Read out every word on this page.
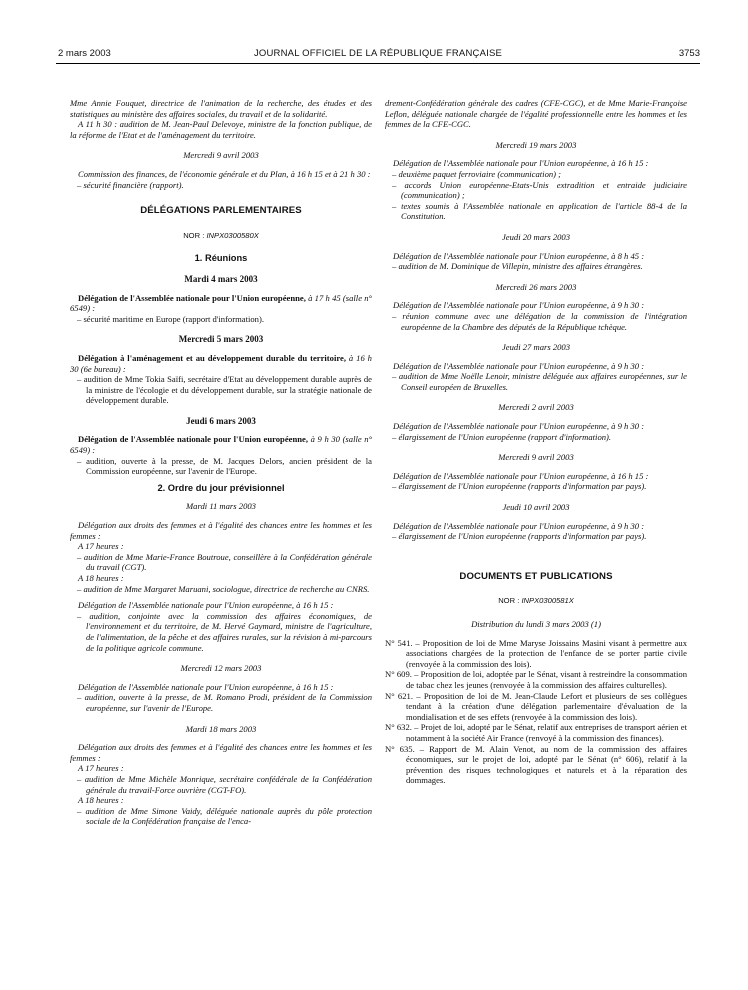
2 mars 2003	JOURNAL OFFICIEL DE LA RÉPUBLIQUE FRANÇAISE	3753

Mme Annie Fouquet, directrice de l'animation de la recherche, des études et des statistiques au ministère des affaires sociales, du travail et de la solidarité.

A 11 h 30 : audition de M. Jean-Paul Delevoye, ministre de la fonction publique, de la réforme de l'Etat et de l'aménagement du territoire.

Mercredi 9 avril 2003

Commission des finances, de l'économie générale et du Plan, à 16 h 15 et à 21 h 30 :

– sécurité financière (rapport).

DÉLÉGATIONS PARLEMENTAIRES

NOR : INPX0300580X

1. Réunions

Mardi 4 mars 2003

Délégation de l'Assemblée nationale pour l'Union européenne, à 17 h 45 (salle n° 6549) :

– sécurité maritime en Europe (rapport d'information).

Mercredi 5 mars 2003

Délégation à l'aménagement et au développement durable du territoire, à 16 h 30 (6e bureau) :

– audition de Mme Tokia Saïfi, secrétaire d'Etat au développement durable auprès de la ministre de l'écologie et du développement durable, sur la stratégie nationale de développement durable.

Jeudi 6 mars 2003

Délégation de l'Assemblée nationale pour l'Union européenne, à 9 h 30 (salle n° 6549) :

– audition, ouverte à la presse, de M. Jacques Delors, ancien président de la Commission européenne, sur l'avenir de l'Europe.

2. Ordre du jour prévisionnel

Mardi 11 mars 2003

Délégation aux droits des femmes et à l'égalité des chances entre les hommes et les femmes :

A 17 heures :

– audition de Mme Marie-France Boutroue, conseillère à la Confédération générale du travail (CGT).

A 18 heures :

– audition de Mme Margaret Maruani, sociologue, directrice de recherche au CNRS.

Délégation de l'Assemblée nationale pour l'Union européenne, à 16 h 15 :

– audition, conjointe avec la commission des affaires économiques, de l'environnement et du territoire, de M. Hervé Gaymard, ministre de l'agriculture, de l'alimentation, de la pêche et des affaires rurales, sur la révision à mi-parcours de la politique agricole commune.

Mercredi 12 mars 2003

Délégation de l'Assemblée nationale pour l'Union européenne, à 16 h 15 :

– audition, ouverte à la presse, de M. Romano Prodi, président de la Commission européenne, sur l'avenir de l'Europe.

Mardi 18 mars 2003

Délégation aux droits des femmes et à l'égalité des chances entre les hommes et les femmes :

A 17 heures :

– audition de Mme Michèle Monrique, secrétaire confédérale de la Confédération générale du travail-Force ouvrière (CGT-FO).

A 18 heures :

– audition de Mme Simone Vaidy, déléguée nationale auprès du pôle protection sociale de la Confédération française de l'enca-

drement-Confédération générale des cadres (CFE-CGC), et de Mme Marie-Françoise Leflon, déléguée nationale chargée de l'égalité professionnelle entre les hommes et les femmes de la CFE-CGC.

Mercredi 19 mars 2003

Délégation de l'Assemblée nationale pour l'Union européenne, à 16 h 15 :

– deuxième paquet ferroviaire (communication) ;

– accords Union européenne-Etats-Unis extradition et entraide judiciaire (communication) ;

– textes soumis à l'Assemblée nationale en application de l'article 88-4 de la Constitution.

Jeudi 20 mars 2003

Délégation de l'Assemblée nationale pour l'Union européenne, à 8 h 45 :

– audition de M. Dominique de Villepin, ministre des affaires étrangères.

Mercredi 26 mars 2003

Délégation de l'Assemblée nationale pour l'Union européenne, à 9 h 30 :

– réunion commune avec une délégation de la commission de l'intégration européenne de la Chambre des députés de la République tchèque.

Jeudi 27 mars 2003

Délégation de l'Assemblée nationale pour l'Union européenne, à 9 h 30 :

– audition de Mme Noëlle Lenoir, ministre déléguée aux affaires européennes, sur le Conseil européen de Bruxelles.

Mercredi 2 avril 2003

Délégation de l'Assemblée nationale pour l'Union européenne, à 9 h 30 :

– élargissement de l'Union européenne (rapport d'information).

Mercredi 9 avril 2003

Délégation de l'Assemblée nationale pour l'Union européenne, à 16 h 15 :

– élargissement de l'Union européenne (rapports d'information par pays).

Jeudi 10 avril 2003

Délégation de l'Assemblée nationale pour l'Union européenne, à 9 h 30 :

– élargissement de l'Union européenne (rapports d'information par pays).

DOCUMENTS ET PUBLICATIONS

NOR : INPX0300581X

Distribution du lundi 3 mars 2003 (1)

N° 541. – Proposition de loi de Mme Maryse Joissains Masini visant à permettre aux associations chargées de la protection de l'enfance de se porter partie civile (renvoyée à la commission des lois).

N° 609. – Proposition de loi, adoptée par le Sénat, visant à restreindre la consommation de tabac chez les jeunes (renvoyée à la commission des affaires culturelles).

N° 621. – Proposition de loi de M. Jean-Claude Lefort et plusieurs de ses collègues tendant à la création d'une délégation parlementaire d'évaluation de la mondialisation et de ses effets (renvoyée à la commission des lois).

N° 632. – Projet de loi, adopté par le Sénat, relatif aux entreprises de transport aérien et notamment à la société Air France (renvoyé à la commission des finances).

N° 635. – Rapport de M. Alain Venot, au nom de la commission des affaires économiques, sur le projet de loi, adopté par le Sénat (n° 606), relatif à la prévention des risques technologiques et naturels et à la réparation des dommages.
